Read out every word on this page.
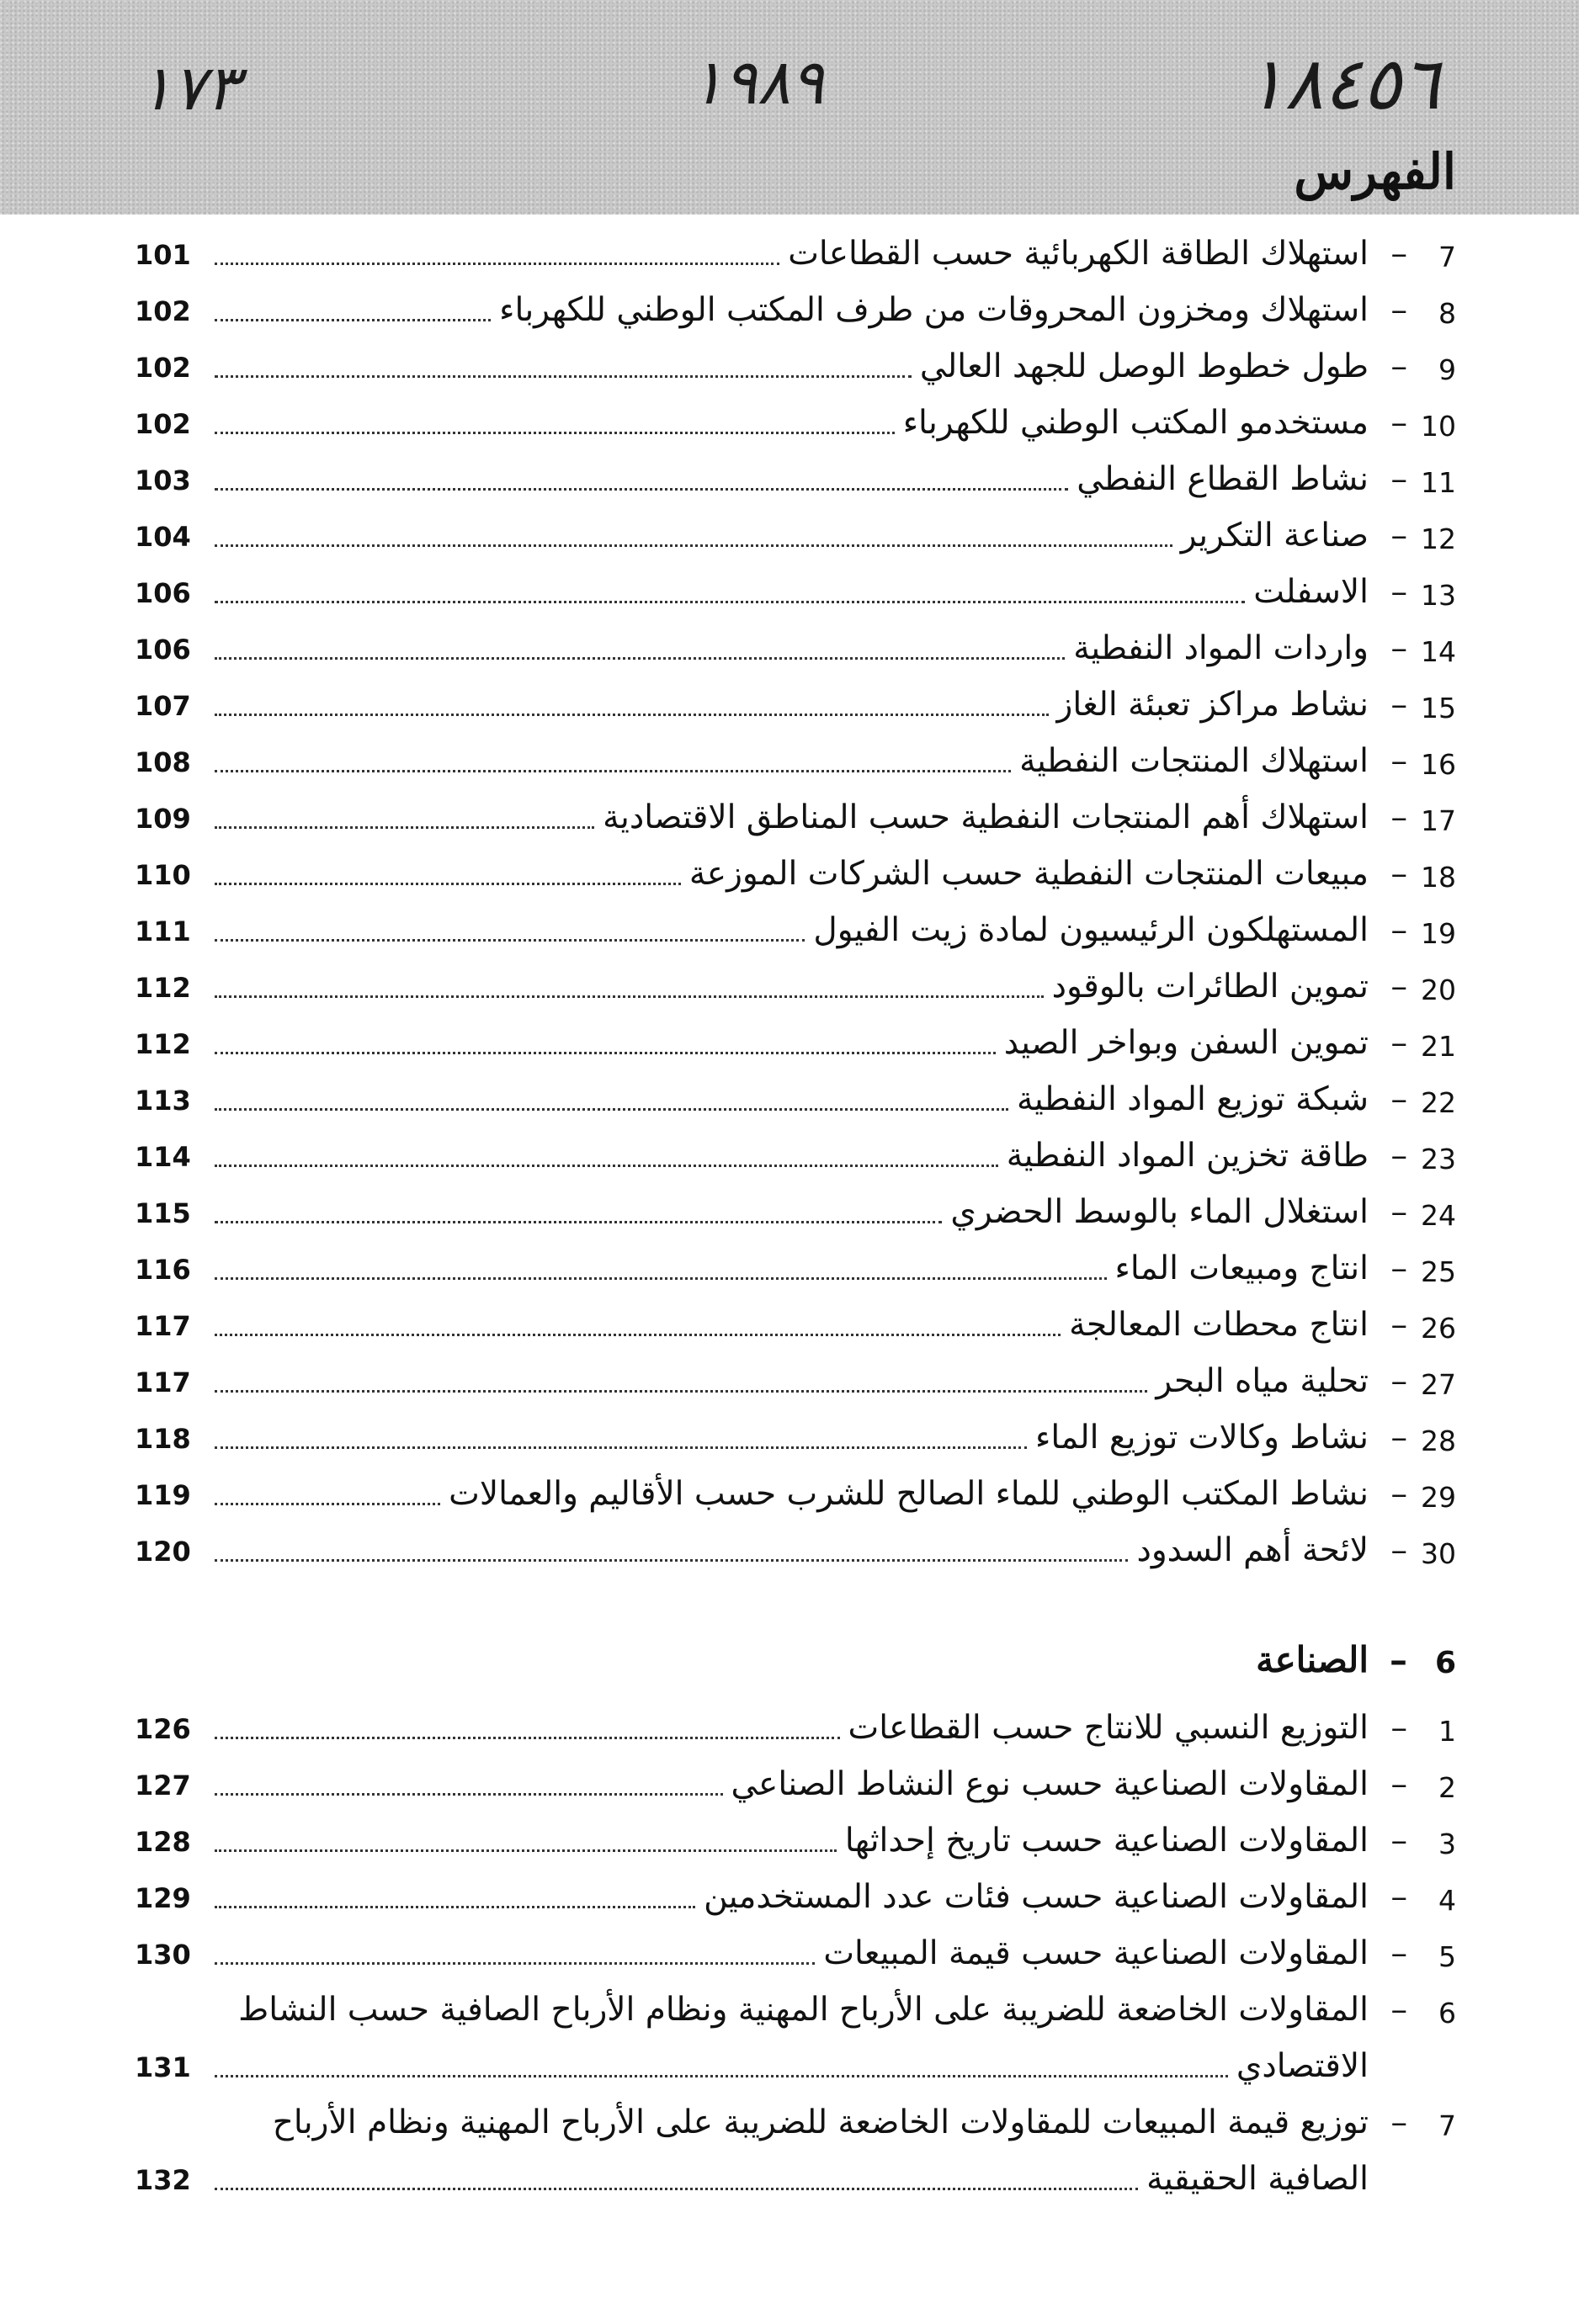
١٧٣	١٩٨٩	١٨٤٥٦
الفهرس
7
–
استهلاك الطاقة الكهربائية حسب القطاعات
101
8
–
استهلاك ومخزون المحروقات من طرف المكتب الوطني للكهرباء
102
9
–
طول خطوط الوصل للجهد العالي
102
10
–
مستخدمو المكتب الوطني للكهرباء
102
11
–
نشاط القطاع النفطي
103
12
–
صناعة التكرير
104
13
–
الاسفلت
106
14
–
واردات المواد النفطية
106
15
–
نشاط مراكز تعبئة الغاز
107
16
–
استهلاك المنتجات النفطية
108
17
–
استهلاك أهم المنتجات النفطية حسب المناطق الاقتصادية
109
18
–
مبيعات المنتجات النفطية حسب الشركات الموزعة
110
19
–
المستهلكون الرئيسيون لمادة زيت الفيول
111
20
–
تموين الطائرات بالوقود
112
21
–
تموين السفن وبواخر الصيد
112
22
–
شبكة توزيع المواد النفطية
113
23
–
طاقة تخزين المواد النفطية
114
24
–
استغلال الماء بالوسط الحضري
115
25
–
انتاج ومبيعات الماء
116
26
–
انتاج محطات المعالجة
117
27
–
تحلية مياه البحر
117
28
–
نشاط وكالات توزيع الماء
118
29
–
نشاط المكتب الوطني للماء الصالح للشرب حسب الأقاليم والعمالات
119
30
–
لائحة أهم السدود
120
6
–
الصناعة
1
–
التوزيع النسبي للانتاج حسب القطاعات
126
2
–
المقاولات الصناعية حسب نوع النشاط الصناعي
127
3
–
المقاولات الصناعية حسب تاريخ إحداثها
128
4
–
المقاولات الصناعية حسب فئات عدد المستخدمين
129
5
–
المقاولات الصناعية حسب قيمة المبيعات
130
6
–
المقاولات الخاضعة للضريبة على الأرباح المهنية ونظام الأرباح الصافية حسب النشاط
الاقتصادي
131
7
–
توزيع قيمة المبيعات للمقاولات الخاضعة للضريبة على الأرباح المهنية ونظام الأرباح
الصافية الحقيقية
132
